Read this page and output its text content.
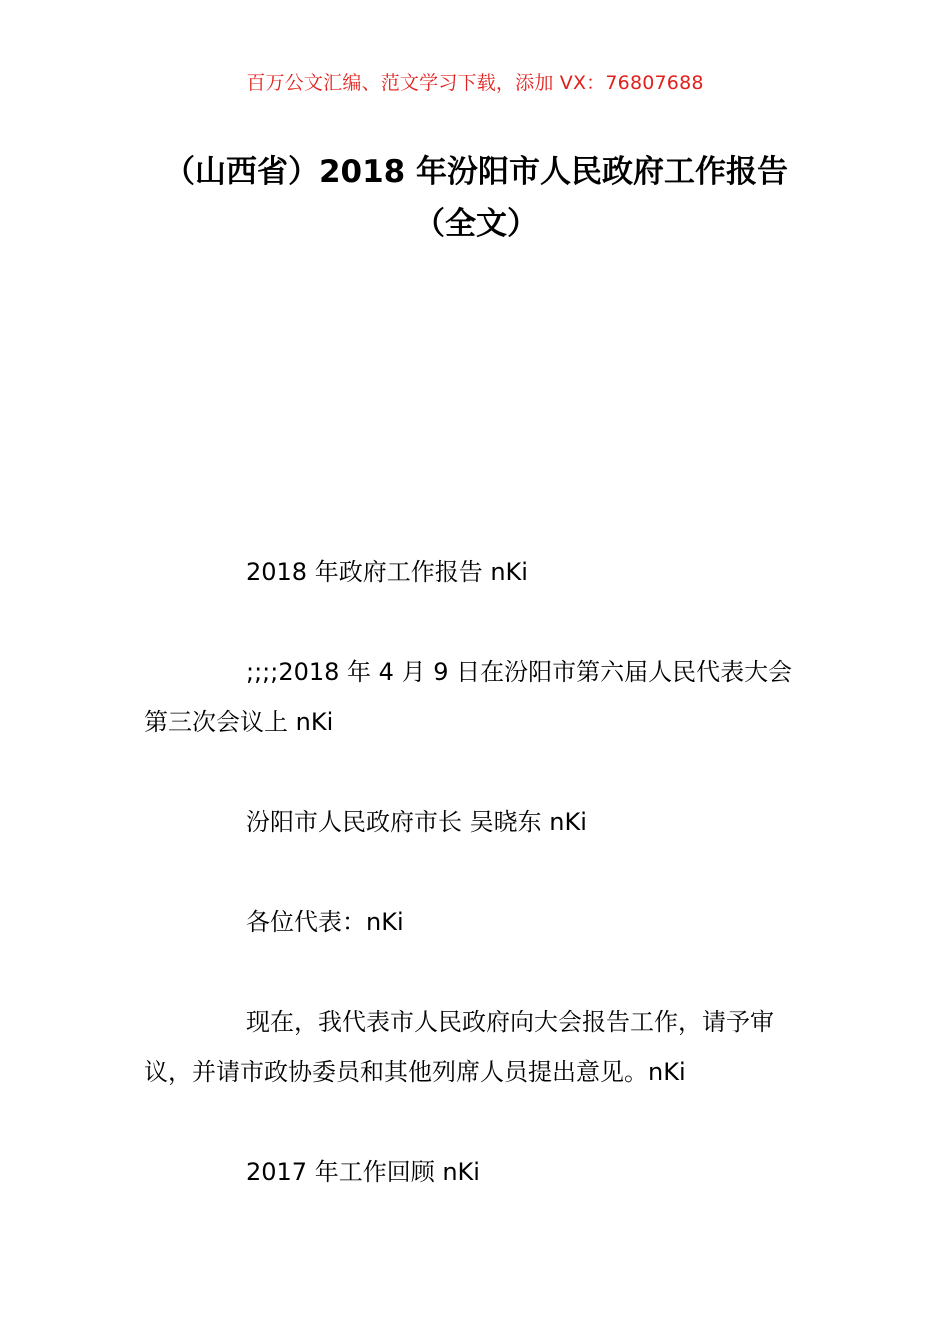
百万公文汇编、范文学习下载，添加 VX：76807688
（山西省）2018 年汾阳市人民政府工作报告（全文）

2018 年政府工作报告 nKi

;;;;2018 年 4 月 9 日在汾阳市第六届人民代表大会 第三次会议上 nKi

汾阳市人民政府市长 吴晓东 nKi

各位代表：nKi

现在，我代表市人民政府向大会报告工作，请予审议，并请市政协委员和其他列席人员提出意见。nKi

2017 年工作回顾 nKi
